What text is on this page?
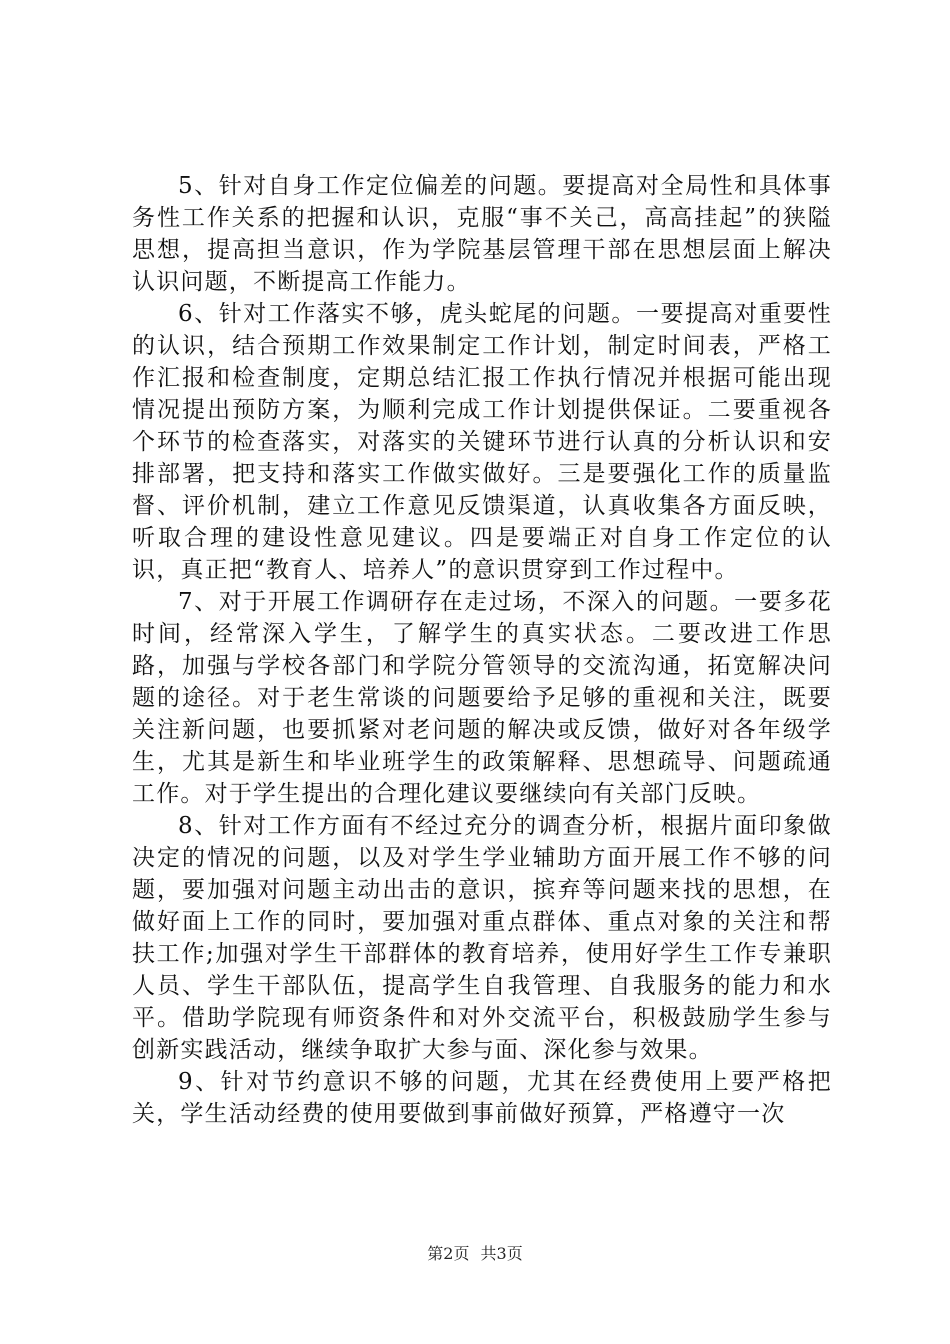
5、针对自身工作定位偏差的问题。要提高对全局性和具体事务性工作关系的把握和认识，克服“事不关己，高高挂起”的狭隘思想，提高担当意识，作为学院基层管理干部在思想层面上解决认识问题，不断提高工作能力。

6、针对工作落实不够，虎头蛇尾的问题。一要提高对重要性的认识，结合预期工作效果制定工作计划，制定时间表，严格工作汇报和检查制度，定期总结汇报工作执行情况并根据可能出现情况提出预防方案，为顺利完成工作计划提供保证。二要重视各个环节的检查落实，对落实的关键环节进行认真的分析认识和安排部署，把支持和落实工作做实做好。三是要强化工作的质量监督、评价机制，建立工作意见反馈渠道，认真收集各方面反映，听取合理的建设性意见建议。四是要端正对自身工作定位的认识，真正把“教育人、培养人”的意识贯穿到工作过程中。

7、对于开展工作调研存在走过场，不深入的问题。一要多花时间，经常深入学生，了解学生的真实状态。二要改进工作思路，加强与学校各部门和学院分管领导的交流沟通，拓宽解决问题的途径。对于老生常谈的问题要给予足够的重视和关注，既要关注新问题，也要抓紧对老问题的解决或反馈，做好对各年级学生，尤其是新生和毕业班学生的政策解释、思想疏导、问题疏通工作。对于学生提出的合理化建议要继续向有关部门反映。

8、针对工作方面有不经过充分的调查分析，根据片面印象做决定的情况的问题，以及对学生学业辅助方面开展工作不够的问题，要加强对问题主动出击的意识，摈弃等问题来找的思想，在做好面上工作的同时，要加强对重点群体、重点对象的关注和帮扶工作;加强对学生干部群体的教育培养，使用好学生工作专兼职人员、学生干部队伍，提高学生自我管理、自我服务的能力和水平。借助学院现有师资条件和对外交流平台，积极鼓励学生参与创新实践活动，继续争取扩大参与面、深化参与效果。

9、针对节约意识不够的问题，尤其在经费使用上要严格把关，学生活动经费的使用要做到事前做好预算，严格遵守一次

第2页 共3页
